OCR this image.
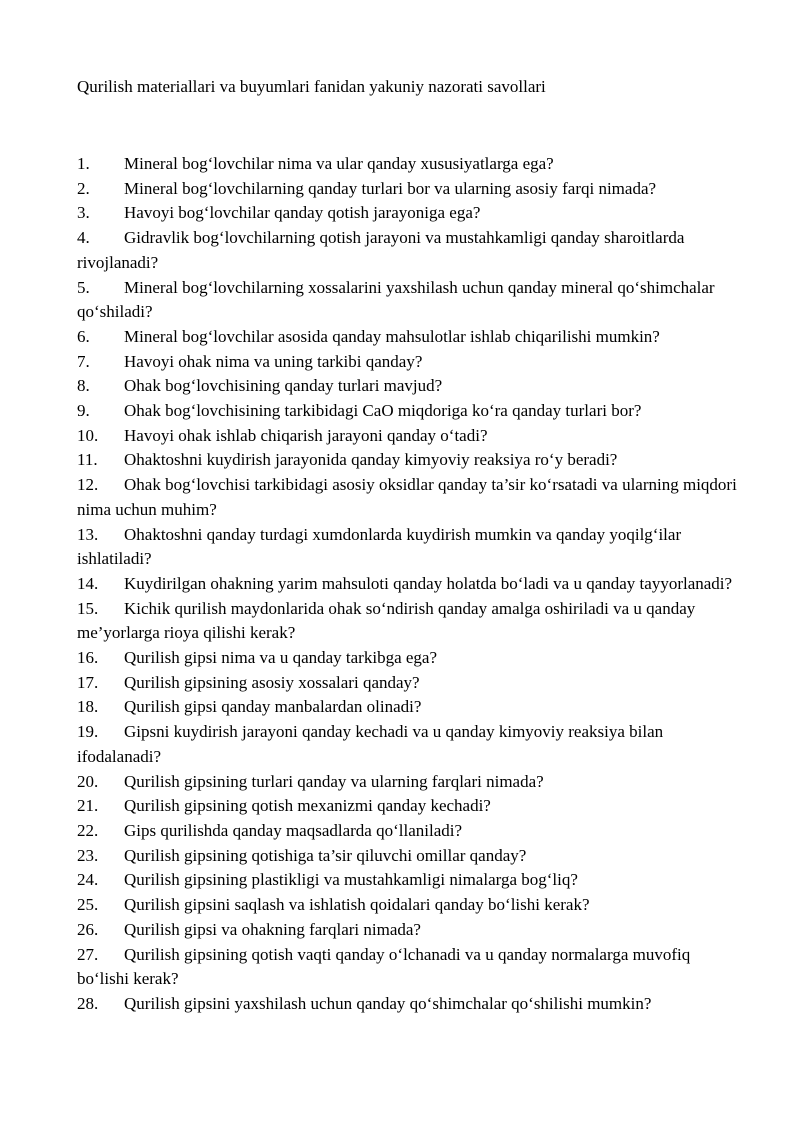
Qurilish materiallari va buyumlari fanidan yakuniy nazorati savollari
1. Mineral bog‘lovchilar nima va ular qanday xususiyatlarga ega?
2. Mineral bog‘lovchilarning qanday turlari bor va ularning asosiy farqi nimada?
3. Havoyi bog‘lovchilar qanday qotish jarayoniga ega?
4. Gidravlik bog‘lovchilarning qotish jarayoni va mustahkamligi qanday sharoitlarda rivojlanadi?
5. Mineral bog‘lovchilarning xossalarini yaxshilash uchun qanday mineral qo‘shimchalar qo‘shiladi?
6. Mineral bog‘lovchilar asosida qanday mahsulotlar ishlab chiqarilishi mumkin?
7. Havoyi ohak nima va uning tarkibi qanday?
8. Ohak bog‘lovchisining qanday turlari mavjud?
9. Ohak bog‘lovchisining tarkibidagi CaO miqdoriga ko‘ra qanday turlari bor?
10. Havoyi ohak ishlab chiqarish jarayoni qanday o‘tadi?
11. Ohaktoshni kuydirish jarayonida qanday kimyoviy reaksiya ro‘y beradi?
12. Ohak bog‘lovchisi tarkibidagi asosiy oksidlar qanday ta’sir ko‘rsatadi va ularning miqdori nima uchun muhim?
13. Ohaktoshni qanday turdagi xumdonlarda kuydirish mumkin va qanday yoqilg‘ilar ishlatiladi?
14. Kuydirilgan ohakning yarim mahsuloti qanday holatda bo‘ladi va u qanday tayyorlanadi?
15. Kichik qurilish maydonlarida ohak so‘ndirish qanday amalga oshiriladi va u qanday me’yorlarga rioya qilishi kerak?
16. Qurilish gipsi nima va u qanday tarkibga ega?
17. Qurilish gipsining asosiy xossalari qanday?
18. Qurilish gipsi qanday manbalardan olinadi?
19. Gipsni kuydirish jarayoni qanday kechadi va u qanday kimyoviy reaksiya bilan ifodalanadi?
20. Qurilish gipsining turlari qanday va ularning farqlari nimada?
21. Qurilish gipsining qotish mexanizmi qanday kechadi?
22. Gips qurilishda qanday maqsadlarda qo‘llaniladi?
23. Qurilish gipsining qotishiga ta’sir qiluvchi omillar qanday?
24. Qurilish gipsining plastikligi va mustahkamligi nimalarga bog‘liq?
25. Qurilish gipsini saqlash va ishlatish qoidalari qanday bo‘lishi kerak?
26. Qurilish gipsi va ohakning farqlari nimada?
27. Qurilish gipsining qotish vaqti qanday o‘lchanadi va u qanday normalarga muvofiq bo‘lishi kerak?
28. Qurilish gipsini yaxshilash uchun qanday qo‘shimchalar qo‘shilishi mumkin?
